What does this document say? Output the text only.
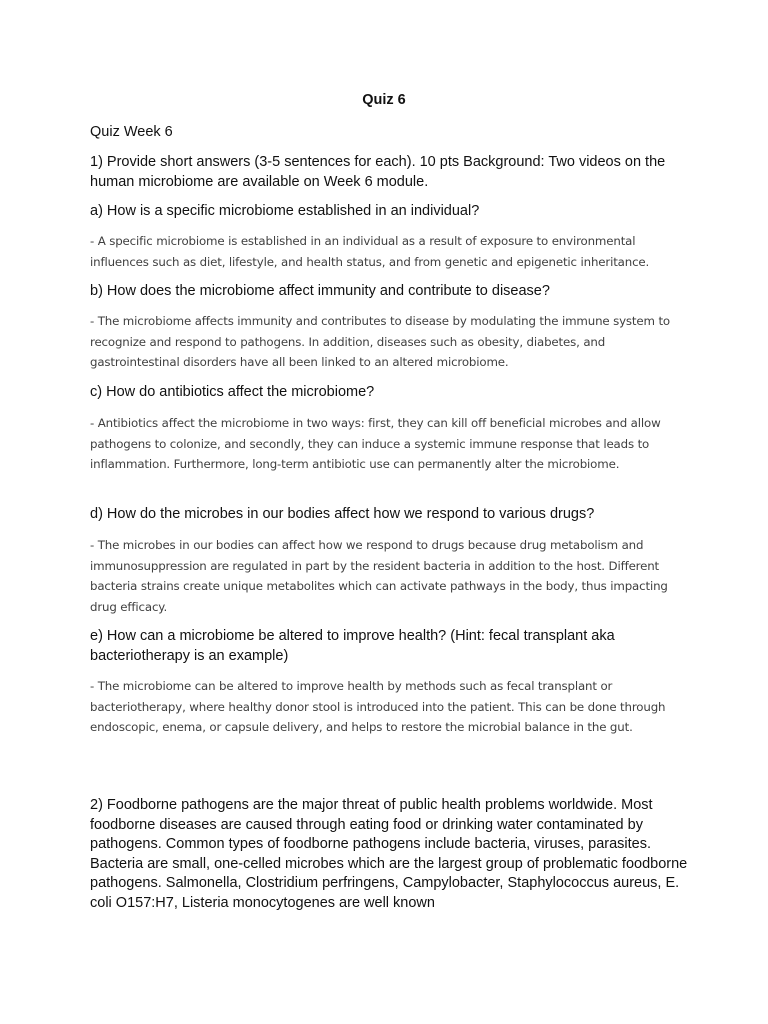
Quiz 6

Quiz Week 6

1) Provide short answers (3-5 sentences for each). 10 pts Background: Two videos on the human microbiome are available on Week 6 module.

a) How is a specific microbiome established in an individual?

- A specific microbiome is established in an individual as a result of exposure to environmental influences such as diet, lifestyle, and health status, and from genetic and epigenetic inheritance.

b) How does the microbiome affect immunity and contribute to disease?

- The microbiome affects immunity and contributes to disease by modulating the immune system to recognize and respond to pathogens. In addition, diseases such as obesity, diabetes, and gastrointestinal disorders have all been linked to an altered microbiome.

c) How do antibiotics affect the microbiome?

- Antibiotics affect the microbiome in two ways: first, they can kill off beneficial microbes and allow pathogens to colonize, and secondly, they can induce a systemic immune response that leads to inflammation. Furthermore, long-term antibiotic use can permanently alter the microbiome.

d) How do the microbes in our bodies affect how we respond to various drugs?

- The microbes in our bodies can affect how we respond to drugs because drug metabolism and immunosuppression are regulated in part by the resident bacteria in addition to the host. Different bacteria strains create unique metabolites which can activate pathways in the body, thus impacting drug efficacy.

e) How can a microbiome be altered to improve health? (Hint: fecal transplant aka bacteriotherapy is an example)

- The microbiome can be altered to improve health by methods such as fecal transplant or bacteriotherapy, where healthy donor stool is introduced into the patient. This can be done through endoscopic, enema, or capsule delivery, and helps to restore the microbial balance in the gut.

2) Foodborne pathogens are the major threat of public health problems worldwide. Most foodborne diseases are caused through eating food or drinking water contaminated by pathogens. Common types of foodborne pathogens include bacteria, viruses, parasites. Bacteria are small, one-celled microbes which are the largest group of problematic foodborne pathogens. Salmonella, Clostridium perfringens, Campylobacter, Staphylococcus aureus, E. coli O157:H7, Listeria monocytogenes are well known
